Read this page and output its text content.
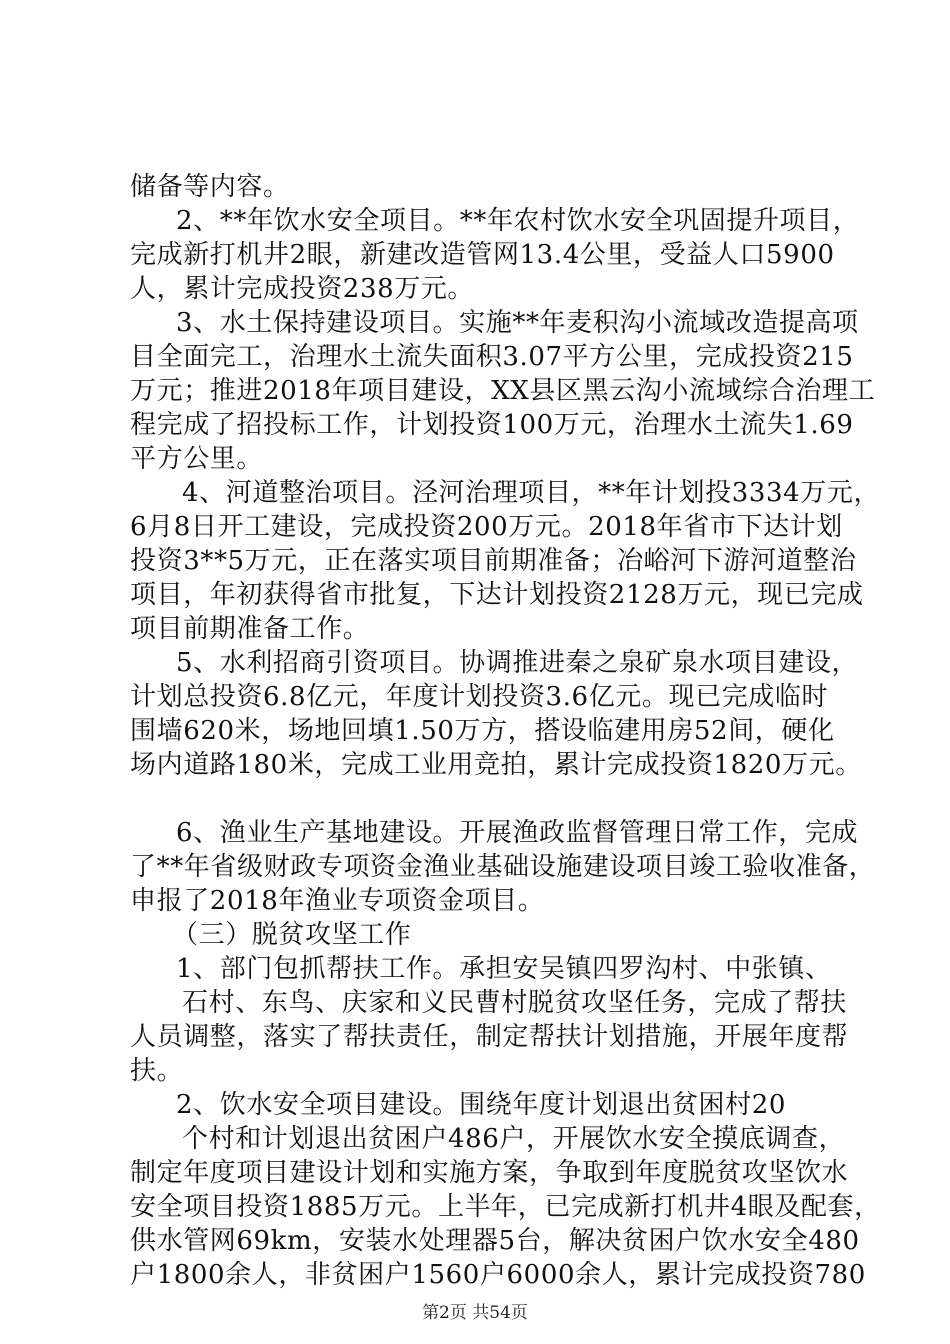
储备等内容。
2、**年饮水安全项目。**年农村饮水安全巩固提升项目，
完成新打机井2眼，新建改造管网13.4公里，受益人口5900
人，累计完成投资238万元。
3、水土保持建设项目。实施**年麦积沟小流域改造提高项
目全面完工，治理水土流失面积3.07平方公里，完成投资215
万元；推进2018年项目建设，XX县区黑云沟小流域综合治理工
程完成了招投标工作，计划投资100万元，治理水土流失1.69
平方公里。
4、河道整治项目。泾河治理项目，**年计划投3334万元，
6月8日开工建设，完成投资200万元。2018年省市下达计划
投资3**5万元，正在落实项目前期准备；冶峪河下游河道整治
项目，年初获得省市批复，下达计划投资2128万元，现已完成
项目前期准备工作。
5、水利招商引资项目。协调推进秦之泉矿泉水项目建设，
计划总投资6.8亿元，年度计划投资3.6亿元。现已完成临时
围墙620米，场地回填1.50万方，搭设临建用房52间，硬化
场内道路180米，完成工业用竞拍，累计完成投资1820万元。
6、渔业生产基地建设。开展渔政监督管理日常工作，完成
了**年省级财政专项资金渔业基础设施建设项目竣工验收准备，
申报了2018年渔业专项资金项目。
（三）脱贫攻坚工作
1、部门包抓帮扶工作。承担安吴镇四罗沟村、中张镇、
石村、东鸟、庆家和义民曹村脱贫攻坚任务，完成了帮扶
人员调整，落实了帮扶责任，制定帮扶计划措施，开展年度帮
扶。
2、饮水安全项目建设。围绕年度计划退出贫困村20
个村和计划退出贫困户486户，开展饮水安全摸底调查，
制定年度项目建设计划和实施方案，争取到年度脱贫攻坚饮水
安全项目投资1885万元。上半年，已完成新打机井4眼及配套，
供水管网69km，安装水处理器5台，解决贫困户饮水安全480
户1800余人，非贫困户1560户6000余人，累计完成投资780
第2页 共54页
